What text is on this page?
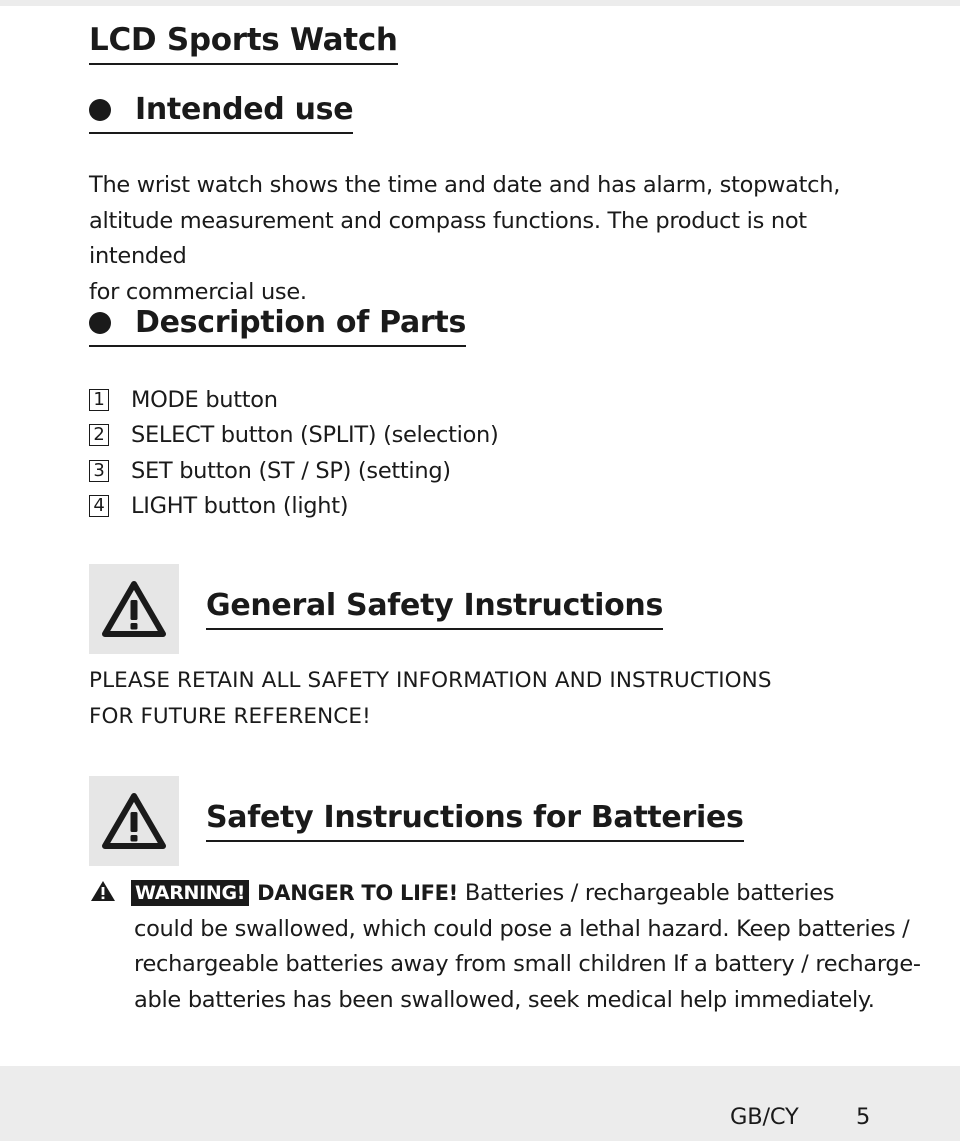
LCD Sports Watch
Intended use

The wrist watch shows the time and date and has alarm, stopwatch,
altitude measurement and compass functions. The product is not intended
for commercial use.

Description of Parts
1 MODE button
2 SELECT button (SPLIT) (selection)
3 SET button (ST / SP) (setting)
4 LIGHT button (light)
General Safety Instructions

PLEASE RETAIN ALL SAFETY INFORMATION AND INSTRUCTIONS
FOR FUTURE REFERENCE!

Safety Instructions for Batteries
WARNING! DANGER TO LIFE! Batteries / rechargeable batteries
could be swallowed, which could pose a lethal hazard. Keep batteries /
rechargeable batteries away from small children If a battery / recharge-
able batteries has been swallowed, seek medical help immediately.
GB/CY	5
